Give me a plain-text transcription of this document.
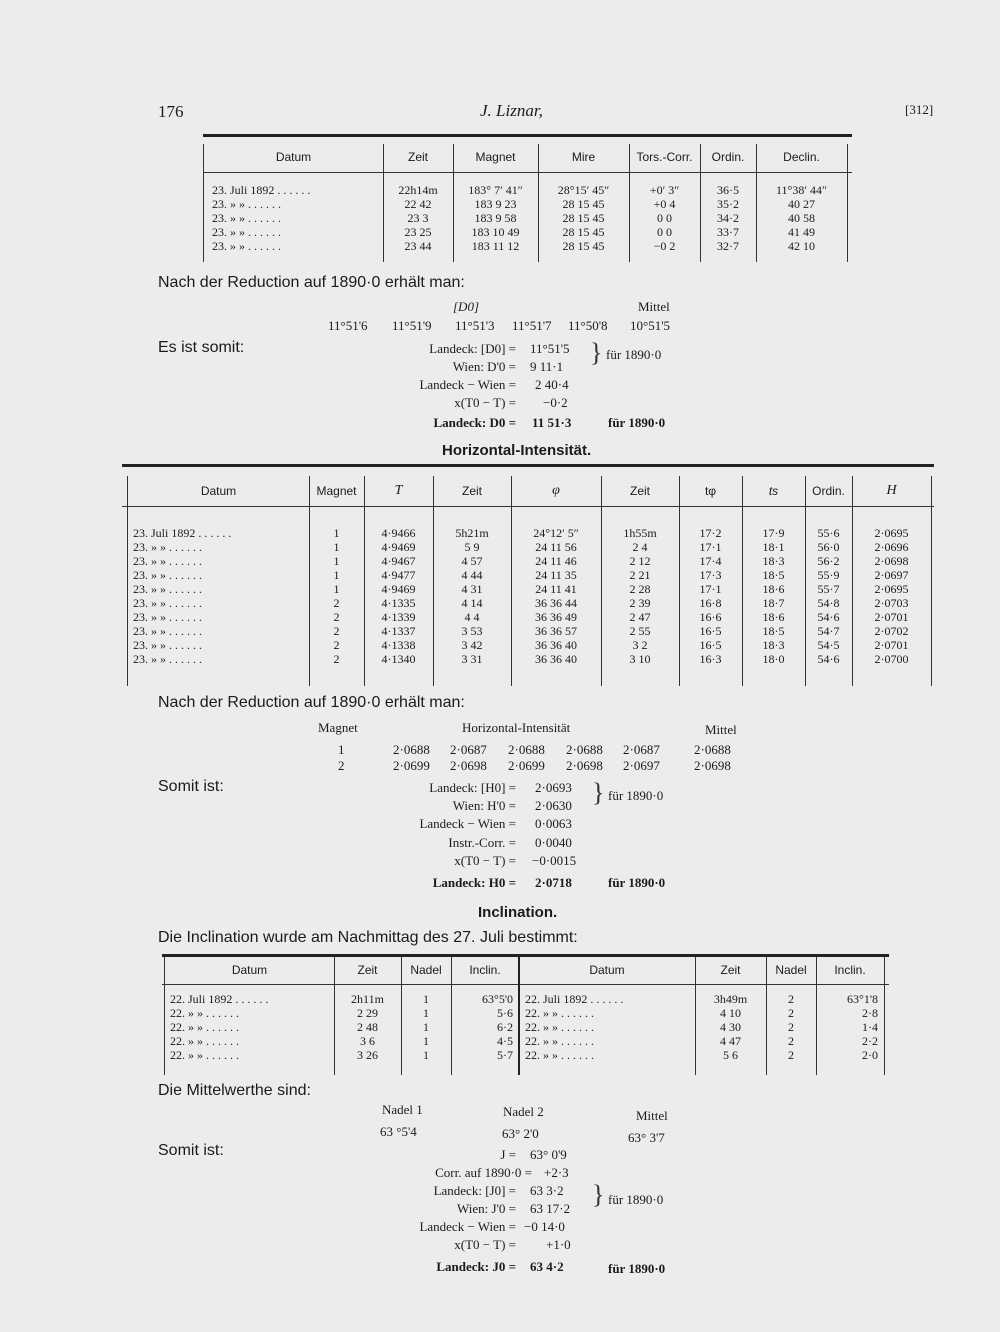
176	J. Liznar,	[312]
Datum	Zeit	Magnet	Mire	Tors.-Corr.	Ordin.	Declin.
23. Juli 1892 . . . . . .	22h14m	183° 7′ 41″	28°15′ 45″	+0′ 3″	36·5	11°38′ 44″
23. » » . . . . . .	22 42	183 9 23	28 15 45	+0 4	35·2	40 27
23. » » . . . . . .	23 3	183 9 58	28 15 45	0 0	34·2	40 58
23. » » . . . . . .	23 25	183 10 49	28 15 45	0 0	33·7	41 49
23. » » . . . . . .	23 44	183 11 12	28 15 45	−0 2	32·7	42 10
Nach der Reduction auf 1890·0 erhält man:
[D0]	Mittel
11°51'6 11°51'9 11°51'3 11°51'7 11°50'8 10°51'5
Es ist somit:	Landeck: [D0] = 11°51'5
Wien: D'0 = 9 11·1 } für 1890·0
Landeck − Wien = 2 40·4
x(T0 − T) = −0·2
Landeck: D0 = 11 51·3	für 1890·0
Horizontal-Intensität.
Datum	Magnet	T	Zeit	φ	Zeit	tφ	ts	Ordin.	H
23. Juli 1892 . . . . . .	1	4·9466	5h21m	24°12′ 5″	1h55m	17·2	17·9	55·6	2·0695
23. » » . . . . . .	1	4·9469	5 9	24 11 56	2 4	17·1	18·1	56·0	2·0696
23. » » . . . . . .	1	4·9467	4 57	24 11 46	2 12	17·4	18·3	56·2	2·0698
23. » » . . . . . .	1	4·9477	4 44	24 11 35	2 21	17·3	18·5	55·9	2·0697
23. » » . . . . . .	1	4·9469	4 31	24 11 41	2 28	17·1	18·6	55·7	2·0695
23. » » . . . . . .	2	4·1335	4 14	36 36 44	2 39	16·8	18·7	54·8	2·0703
23. » » . . . . . .	2	4·1339	4 4	36 36 49	2 47	16·6	18·6	54·6	2·0701
23. » » . . . . . .	2	4·1337	3 53	36 36 57	2 55	16·5	18·5	54·7	2·0702
23. » » . . . . . .	2	4·1338	3 42	36 36 40	3 2	16·5	18·3	54·5	2·0701
23. » » . . . . . .	2	4·1340	3 31	36 36 40	3 10	16·3	18·0	54·6	2·0700
Nach der Reduction auf 1890·0 erhält man:
Magnet	Horizontal-Intensität	Mittel
1	2·0688 2·0687 2·0688 2·0688 2·0687	2·0688
2	2·0699 2·0698 2·0699 2·0698 2·0697	2·0698
Somit ist:	Landeck: [H0] = 2·0693
Wien: H'0 = 2·0630 } für 1890·0
Landeck − Wien = 0·0063
Instr.-Corr. = 0·0040
x(T0 − T) = −0·0015
Landeck: H0 = 2·0718	für 1890·0
Inclination.
Die Inclination wurde am Nachmittag des 27. Juli bestimmt:
Datum	Zeit	Nadel	Inclin.	Datum	Zeit	Nadel	Inclin.
22. Juli 1892 . . . . . .	2h11m	1	63°5'0	22. Juli 1892 . . . . . .	3h49m	2	63°1'8
22. » » . . . . . .	2 29	1	5·6	22. » » . . . . . .	4 10	2	2·8
22. » » . . . . . .	2 48	1	6·2	22. » » . . . . . .	4 30	2	1·4
22. » » . . . . . .	3 6	1	4·5	22. » » . . . . . .	4 47	2	2·2
22. » » . . . . . .	3 26	1	5·7	22. » » . . . . . .	5 6	2	2·0
Die Mittelwerthe sind:
Nadel 1	Nadel 2	Mittel
63 °5'4	63° 2'0	63° 3'7
Somit ist:	J = 63° 0'9
Corr. auf 1890·0 = +2·3
Landeck: [J0] = 63 3·2
Wien: J'0 = 63 17·2 } für 1890·0
Landeck − Wien = −0 14·0
x(T0 − T) = +1·0
Landeck: J0 = 63 4·2	für 1890·0
